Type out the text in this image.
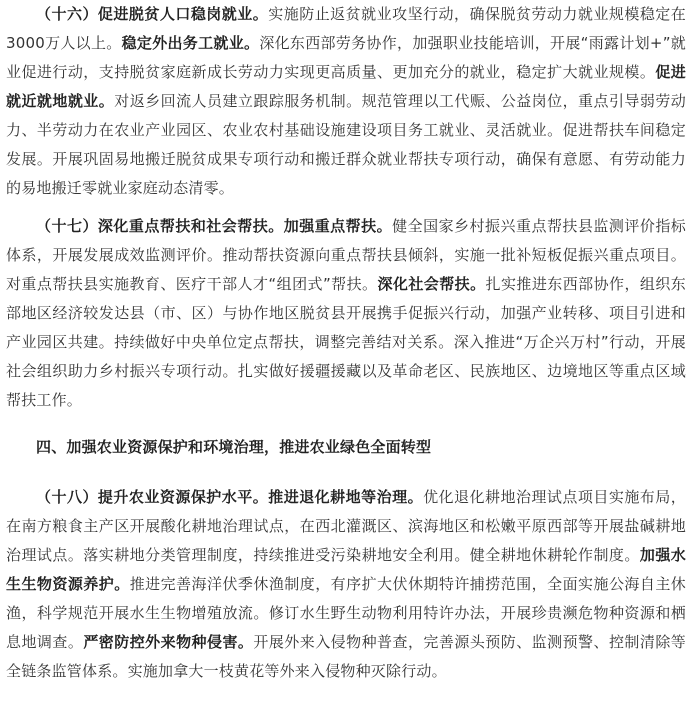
（十六）促进脱贫人口稳岗就业。实施防止返贫就业攻坚行动，确保脱贫劳动力就业规模稳定在3000万人以上。稳定外出务工就业。深化东西部劳务协作，加强职业技能培训，开展“雨露计划+”就业促进行动，支持脱贫家庭新成长劳动力实现更高质量、更加充分的就业，稳定扩大就业规模。促进就近就地就业。对返乡回流人员建立跟踪服务机制。规范管理以工代赈、公益岗位，重点引导弱劳动力、半劳动力在农业产业园区、农业农村基础设施建设项目务工就业、灵活就业。促进帮扶车间稳定发展。开展巩固易地搬迁脱贫成果专项行动和搬迁群众就业帮扶专项行动，确保有意愿、有劳动能力的易地搬迁零就业家庭动态清零。

（十七）深化重点帮扶和社会帮扶。加强重点帮扶。健全国家乡村振兴重点帮扶县监测评价指标体系，开展发展成效监测评价。推动帮扶资源向重点帮扶县倾斜，实施一批补短板促振兴重点项目。对重点帮扶县实施教育、医疗干部人才“组团式”帮扶。深化社会帮扶。扎实推进东西部协作，组织东部地区经济较发达县（市、区）与协作地区脱贫县开展携手促振兴行动，加强产业转移、项目引进和产业园区共建。持续做好中央单位定点帮扶，调整完善结对关系。深入推进“万企兴万村”行动，开展社会组织助力乡村振兴专项行动。扎实做好援疆援藏以及革命老区、民族地区、边境地区等重点区域帮扶工作。

四、加强农业资源保护和环境治理，推进农业绿色全面转型

（十八）提升农业资源保护水平。推进退化耕地等治理。优化退化耕地治理试点项目实施布局，在南方粮食主产区开展酸化耕地治理试点，在西北灌溉区、滨海地区和松嫩平原西部等开展盐碱耕地治理试点。落实耕地分类管理制度，持续推进受污染耕地安全利用。健全耕地休耕轮作制度。加强水生生物资源养护。推进完善海洋伏季休渔制度，有序扩大伏休期特许捕捞范围，全面实施公海自主休渔，科学规范开展水生生物增殖放流。修订水生野生动物利用特许办法，开展珍贵濒危物种资源和栖息地调查。严密防控外来物种侵害。开展外来入侵物种普查，完善源头预防、监测预警、控制清除等全链条监管体系。实施加拿大一枝黄花等外来入侵物种灭除行动。
